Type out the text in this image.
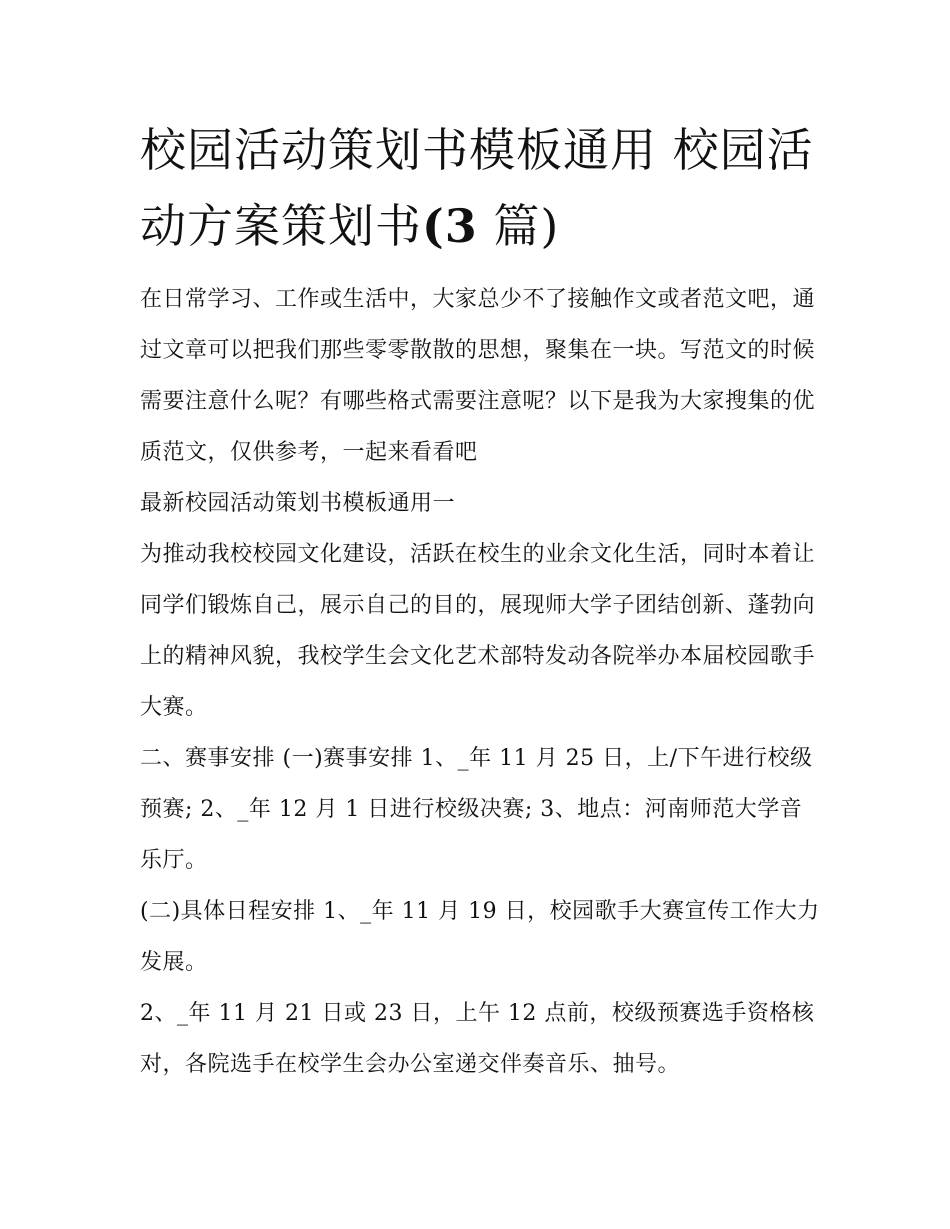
校园活动策划书模板通用 校园活动方案策划书(3 篇)

在日常学习、工作或生活中，大家总少不了接触作文或者范文吧，通过文章可以把我们那些零零散散的思想，聚集在一块。写范文的时候需要注意什么呢？有哪些格式需要注意呢？以下是我为大家搜集的优质范文，仅供参考，一起来看看吧

最新校园活动策划书模板通用一

为推动我校校园文化建设，活跃在校生的业余文化生活，同时本着让同学们锻炼自己，展示自己的目的，展现师大学子团结创新、蓬勃向上的精神风貌，我校学生会文化艺术部特发动各院举办本届校园歌手大赛。

二、赛事安排 (一)赛事安排 1、_年 11 月 25 日，上/下午进行校级预赛; 2、_年 12 月 1 日进行校级决赛; 3、地点：河南师范大学音乐厅。

(二)具体日程安排 1、_年 11 月 19 日，校园歌手大赛宣传工作大力发展。

2、_年 11 月 21 日或 23 日，上午 12 点前，校级预赛选手资格核对，各院选手在校学生会办公室递交伴奏音乐、抽号。
